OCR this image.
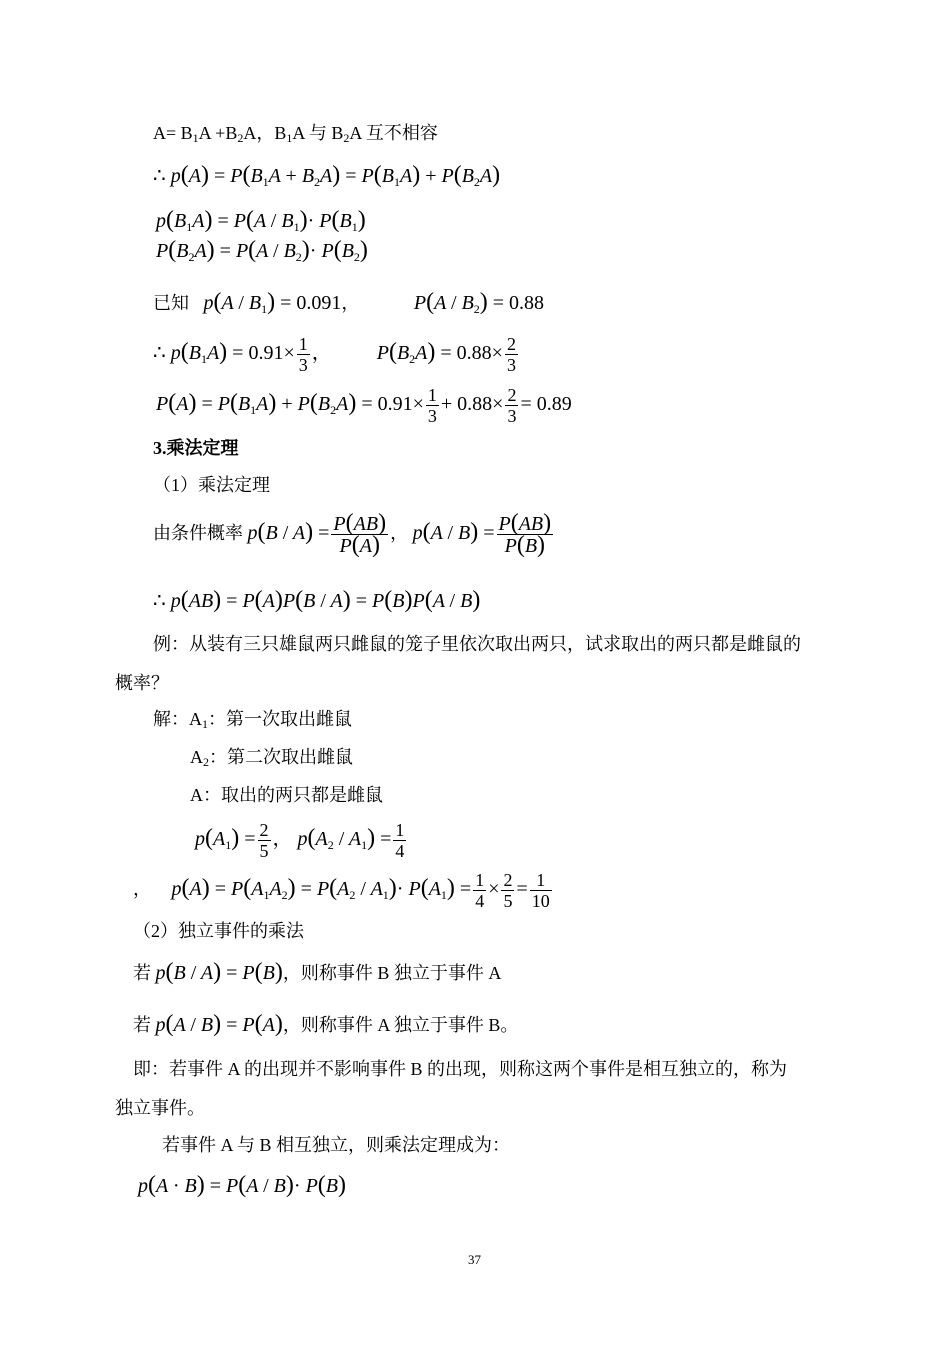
A= B1A +B2A，B1A 与 B2A 互不相容
∴ $p(A) = P(B_1A + B_2A) = P(B_1A) + P(B_2A)$
$p(B_1A) = P(A / B_1)\cdot P(B_1)$
$P(B_2A) = P(A / B_2)\cdot P(B_2)$
已知 $p(A / B_1) = 0.091$，	$P(A / B_2) = 0.88$
∴ $p(B_1A) = 0.91\times \frac{1}{3}$ ， $P(B_2A) = 0.88\times \frac{2}{3}$
$P(A) = P(B_1A) + P(B_2A) = 0.91\times \frac{1}{3} + 0.88\times \frac{2}{3} = 0.89$
3.乘法定理
（1）乘法定理
由条件概率 $p(B / A) = \frac{P(AB)}{P(A)}$ ， $p(A / B) = \frac{P(AB)}{P(B)}$
∴ p(AB) = P(A)P(B / A) = P(B)P(A / B)
例：从装有三只雄鼠两只雌鼠的笼子里依次取出两只，试求取出的两只都是雌鼠的
概率？
解：A1：第一次取出雌鼠
A2：第二次取出雌鼠
A：取出的两只都是雌鼠
$p(A_1) = \frac{2}{5}$ ， $p(A_2 / A_1) = \frac{1}{4}$
， $p(A) = P(A_1A_2) = P(A_2 / A_1)\cdot P(A_1) = \frac{1}{4} \times \frac{2}{5} = \frac{1}{10}$
（2）独立事件的乘法
若 p(B / A) = P(B)，则称事件 B 独立于事件 A
若 p(A / B) = P(A)，则称事件 A 独立于事件 B。
即：若事件 A 的出现并不影响事件 B 的出现，则称这两个事件是相互独立的，称为
独立事件。
若事件 A 与 B 相互独立，则乘法定理成为：
p(A · B) = P(A / B)· P(B)
37
